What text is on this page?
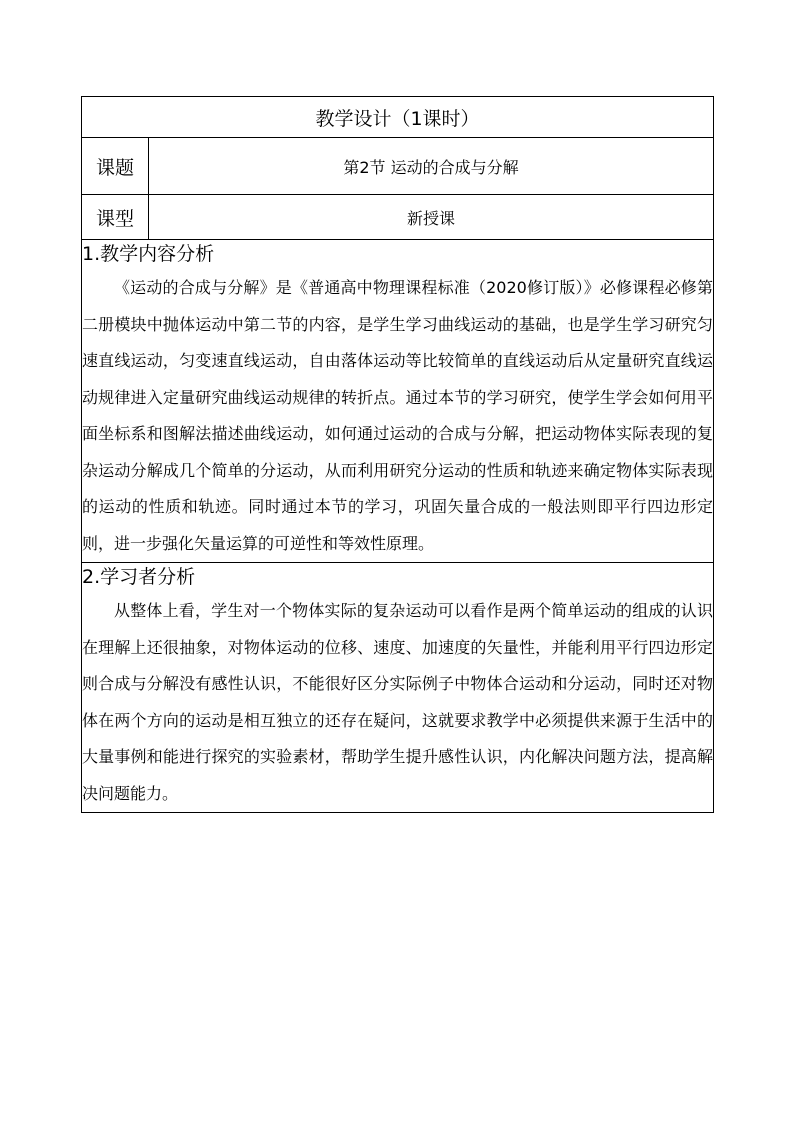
教学设计（1课时）	
课题	第2节 运动的合成与分解
课型	新授课

1.教学内容分析

《运动的合成与分解》是《普通高中物理课程标准（2020修订版）》必修课程必修第二册模块中抛体运动中第二节的内容，是学生学习曲线运动的基础，也是学生学习研究匀速直线运动，匀变速直线运动，自由落体运动等比较简单的直线运动后从定量研究直线运动规律进入定量研究曲线运动规律的转折点。通过本节的学习研究，使学生学会如何用平面坐标系和图解法描述曲线运动，如何通过运动的合成与分解，把运动物体实际表现的复杂运动分解成几个简单的分运动，从而利用研究分运动的性质和轨迹来确定物体实际表现的运动的性质和轨迹。同时通过本节的学习，巩固矢量合成的一般法则即平行四边形定则，进一步强化矢量运算的可逆性和等效性原理。	

2.学习者分析

从整体上看，学生对一个物体实际的复杂运动可以看作是两个简单运动的组成的认识在理解上还很抽象，对物体运动的位移、速度、加速度的矢量性，并能利用平行四边形定则合成与分解没有感性认识，不能很好区分实际例子中物体合运动和分运动，同时还对物体在两个方向的运动是相互独立的还存在疑问，这就要求教学中必须提供来源于生活中的大量事例和能进行探究的实验素材，帮助学生提升感性认识，内化解决问题方法，提高解决问题能力。	
